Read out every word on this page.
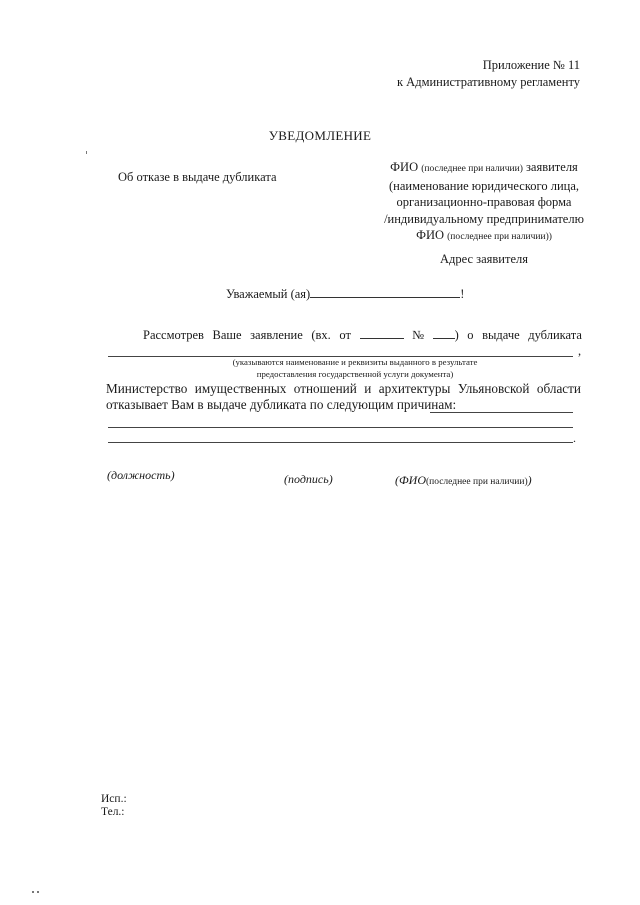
Приложение № 11
к Административному регламенту
УВЕДОМЛЕНИЕ
Об отказе в выдаче дубликата
ФИО (последнее при наличии) заявителя
(наименование юридического лица,
организационно-правовая форма
/индивидуальному предпринимателю
ФИО (последнее при наличии))
Адрес заявителя
Уважаемый (ая)	!
Рассмотрев Ваше заявление (вх. от	№	) о выдаче дубликата
,
(указываются наименование и реквизиты выданного в результате
предоставления государственной услуги документа)
Министерство имущественных отношений и архитектуры Ульяновской области
отказывает Вам в выдаче дубликата по следующим причинам:
.
(должность)	(подпись)	(ФИО(последнее при наличии))
Исп.:
Тел.:
